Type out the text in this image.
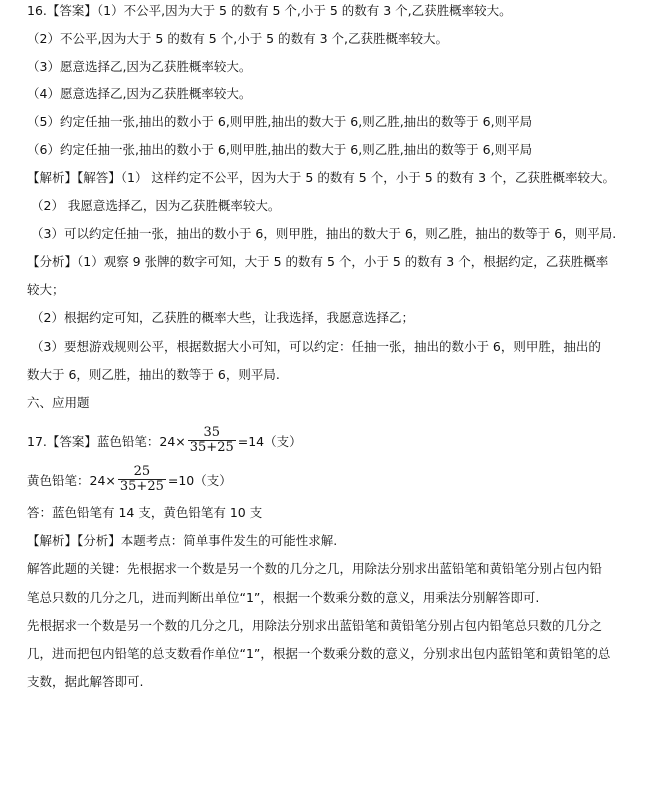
16.【答案】（1）不公平,因为大于 5 的数有 5 个,小于 5 的数有 3 个,乙获胜概率较大。
（2）不公平,因为大于 5 的数有 5 个,小于 5 的数有 3 个,乙获胜概率较大。
（3）愿意选择乙,因为乙获胜概率较大。
（4）愿意选择乙,因为乙获胜概率较大。
（5）约定任抽一张,抽出的数小于 6,则甲胜,抽出的数大于 6,则乙胜,抽出的数等于 6,则平局
（6）约定任抽一张,抽出的数小于 6,则甲胜,抽出的数大于 6,则乙胜,抽出的数等于 6,则平局
【解析】【解答】（1） 这样约定不公平，因为大于 5 的数有 5 个，小于 5 的数有 3 个，乙获胜概率较大。
（2） 我愿意选择乙，因为乙获胜概率较大。
（3）可以约定任抽一张，抽出的数小于 6，则甲胜，抽出的数大于 6，则乙胜，抽出的数等于 6，则平局.
【分析】（1）观察 9 张牌的数字可知，大于 5 的数有 5 个，小于 5 的数有 3 个，根据约定，乙获胜概率
较大；
（2）根据约定可知，乙获胜的概率大些，让我选择，我愿意选择乙；
（3）要想游戏规则公平，根据数据大小可知，可以约定：任抽一张，抽出的数小于 6，则甲胜，抽出的
数大于 6，则乙胜，抽出的数等于 6，则平局.
六、应用题
17.【答案】蓝色铅笔：$24\times \frac{35}{35+25} =14$（支）
黄色铅笔：$24\times \frac{25}{35+25} =10$（支）
答：蓝色铅笔有 14 支，黄色铅笔有 10 支
【解析】【分析】本题考点：简单事件发生的可能性求解.
解答此题的关键：先根据求一个数是另一个数的几分之几，用除法分别求出蓝铅笔和黄铅笔分别占包内铅
笔总只数的几分之几，进而判断出单位“1”，根据一个数乘分数的意义，用乘法分别解答即可.
先根据求一个数是另一个数的几分之几，用除法分别求出蓝铅笔和黄铅笔分别占包内铅笔总只数的几分之
几，进而把包内铅笔的总支数看作单位“1”，根据一个数乘分数的意义，分别求出包内蓝铅笔和黄铅笔的总
支数，据此解答即可.
